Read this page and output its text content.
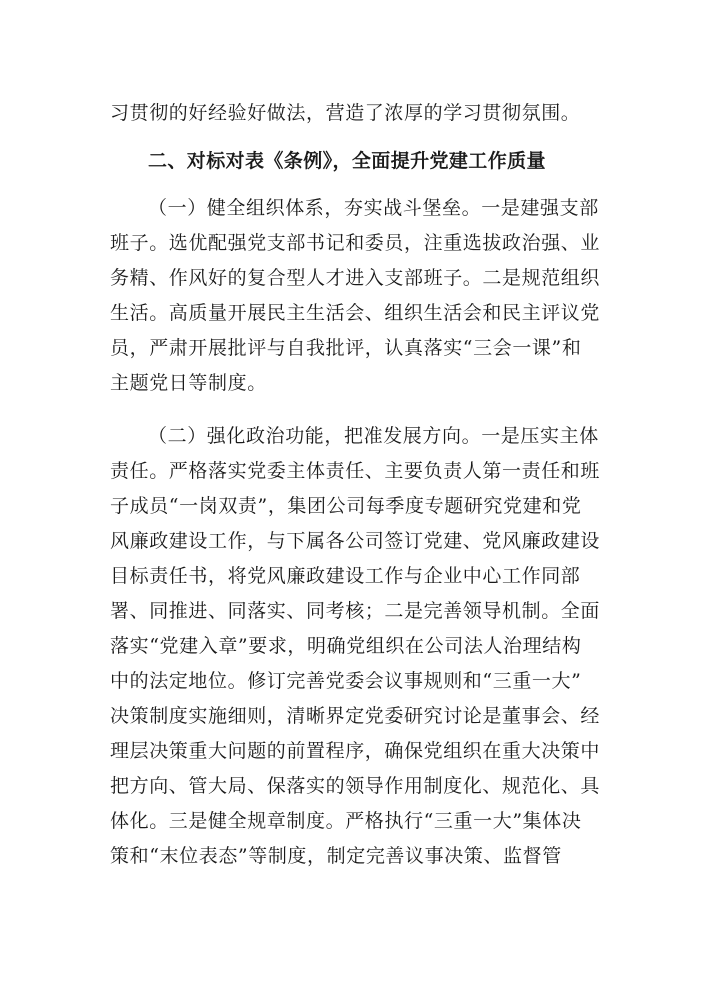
习贯彻的好经验好做法，营造了浓厚的学习贯彻氛围。
二、对标对表《条例》，全面提升党建工作质量
（一）健全组织体系，夯实战斗堡垒。一是建强支部
班子。选优配强党支部书记和委员，注重选拔政治强、业
务精、作风好的复合型人才进入支部班子。二是规范组织
生活。高质量开展民主生活会、组织生活会和民主评议党
员，严肃开展批评与自我批评，认真落实“三会一课”和
主题党日等制度。
（二）强化政治功能，把准发展方向。一是压实主体
责任。严格落实党委主体责任、主要负责人第一责任和班
子成员“一岗双责”，集团公司每季度专题研究党建和党
风廉政建设工作，与下属各公司签订党建、党风廉政建设
目标责任书，将党风廉政建设工作与企业中心工作同部
署、同推进、同落实、同考核；二是完善领导机制。全面
落实“党建入章”要求，明确党组织在公司法人治理结构
中的法定地位。修订完善党委会议事规则和“三重一大”
决策制度实施细则，清晰界定党委研究讨论是董事会、经
理层决策重大问题的前置程序，确保党组织在重大决策中
把方向、管大局、保落实的领导作用制度化、规范化、具
体化。三是健全规章制度。严格执行“三重一大”集体决
策和“末位表态”等制度，制定完善议事决策、监督管
